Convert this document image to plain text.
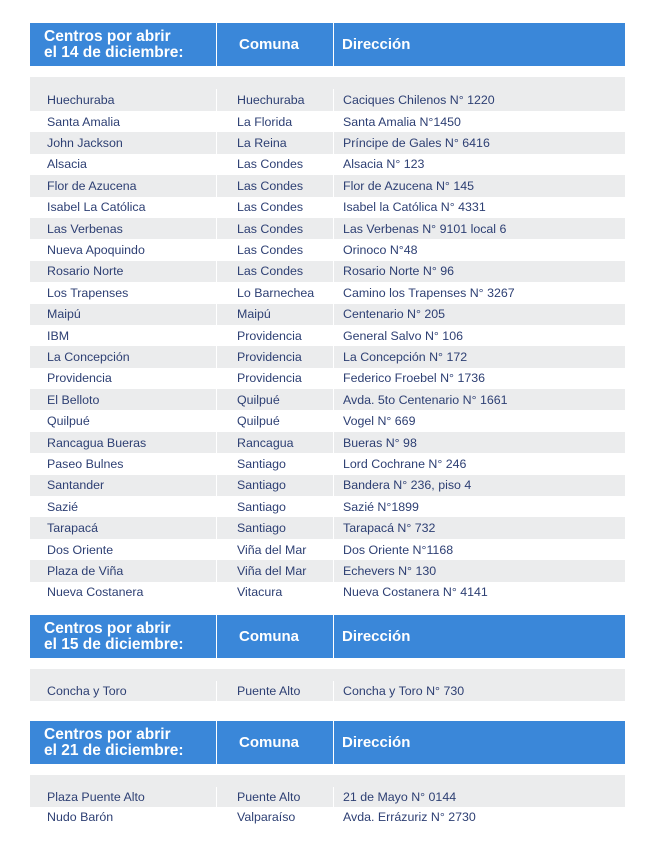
Centros por abrir
el 14 de diciembre:	Comuna	Dirección
Huechuraba	Huechuraba	Caciques Chilenos N° 1220
Santa Amalia	La Florida	Santa Amalia N°1450
John Jackson	La Reina	Príncipe de Gales N° 6416
Alsacia	Las Condes	Alsacia N° 123
Flor de Azucena	Las Condes	Flor de Azucena N° 145
Isabel La Católica	Las Condes	Isabel la Católica N° 4331
Las Verbenas	Las Condes	Las Verbenas N° 9101 local 6
Nueva Apoquindo	Las Condes	Orinoco N°48
Rosario Norte	Las Condes	Rosario Norte N° 96
Los Trapenses	Lo Barnechea	Camino los Trapenses N° 3267
Maipú	Maipú	Centenario N° 205
IBM	Providencia	General Salvo N° 106
La Concepción	Providencia	La Concepción N° 172
Providencia	Providencia	Federico Froebel N° 1736
El Belloto	Quilpué	Avda. 5to Centenario N° 1661
Quilpué	Quilpué	Vogel N° 669
Rancagua Bueras	Rancagua	Bueras N° 98
Paseo Bulnes	Santiago	Lord Cochrane N° 246
Santander	Santiago	Bandera N° 236, piso 4
Sazié	Santiago	Sazié N°1899
Tarapacá	Santiago	Tarapacá N° 732
Dos Oriente	Viña del Mar	Dos Oriente N°1168
Plaza de Viña	Viña del Mar	Echevers N° 130
Nueva Costanera	Vitacura	Nueva Costanera N° 4141
Centros por abrir
el 15 de diciembre:	Comuna	Dirección
Concha y Toro	Puente Alto	Concha y Toro N° 730
Centros por abrir
el 21 de diciembre:	Comuna	Dirección
Plaza Puente Alto	Puente Alto	21 de Mayo N° 0144
Nudo Barón	Valparaíso	Avda. Errázuriz N° 2730
